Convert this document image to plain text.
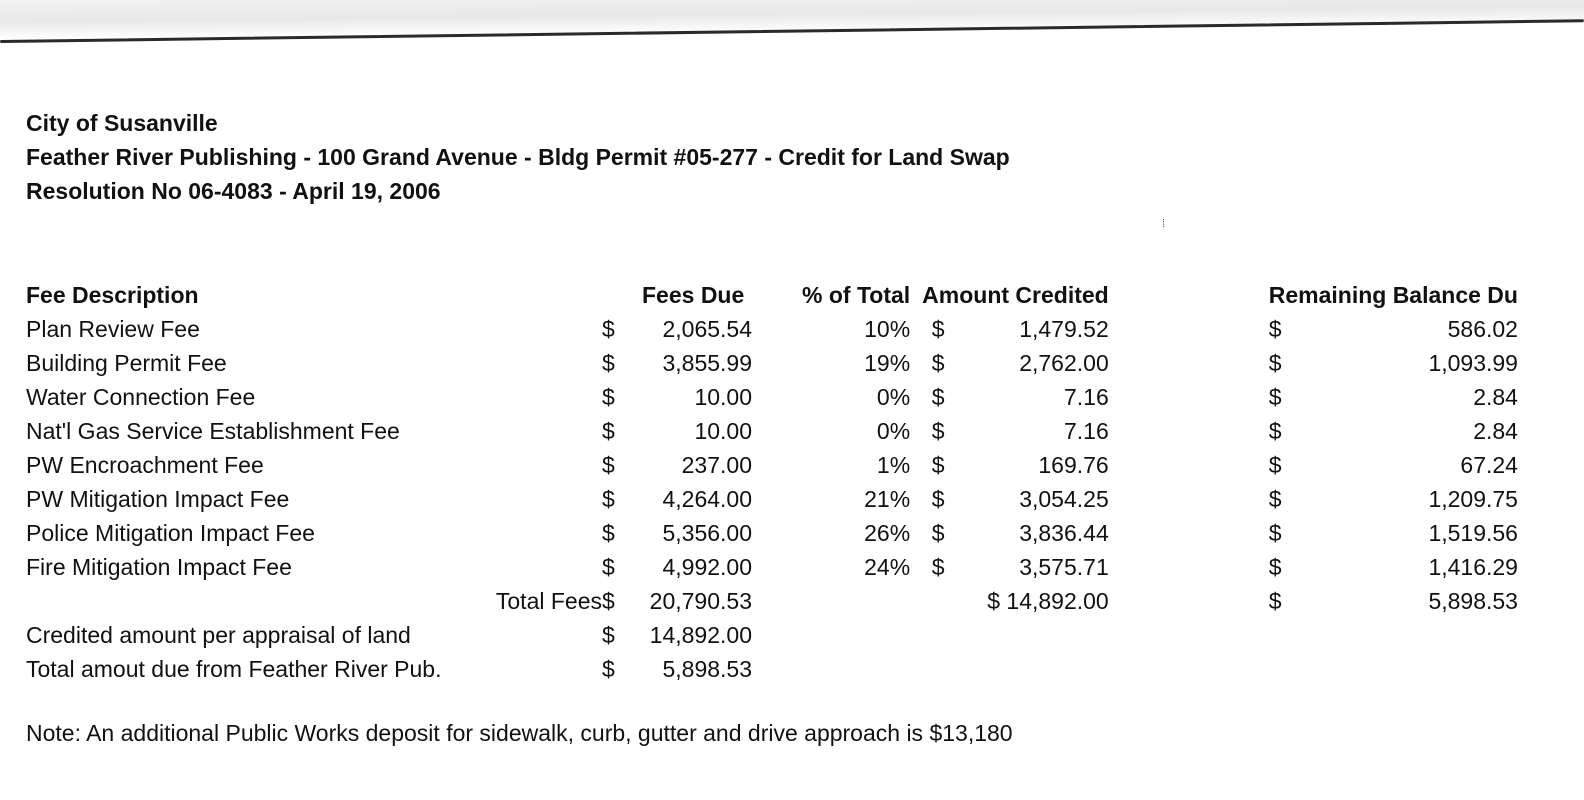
City of Susanville
Feather River Publishing - 100 Grand Avenue - Bldg Permit #05-277 - Credit for Land Swap
Resolution No 06-4083 - April 19, 2006
⁞
Fee Description		Fees Due		% of Total	Amount Credited			Remaining Balance Du	
Plan Review Fee	$	2,065.54		10%	$	1,479.52		$	586.02
Building Permit Fee	$	3,855.99		19%	$	2,762.00		$	1,093.99
Water Connection Fee	$	10.00		0%	$	7.16		$	2.84
Nat'l Gas Service Establishment Fee	$	10.00		0%	$	7.16		$	2.84
PW Encroachment Fee	$	237.00		1%	$	169.76		$	67.24
PW Mitigation Impact Fee	$	4,264.00		21%	$	3,054.25		$	1,209.75
Police Mitigation Impact Fee	$	5,356.00		26%	$	3,836.44		$	1,519.56
Fire Mitigation Impact Fee	$	4,992.00		24%	$	3,575.71		$	1,416.29
Total Fees	$	20,790.53			$ 14,892.00			$	5,898.53
Credited amount per appraisal of land	$	14,892.00							
Total amout due from Feather River Pub.	$	5,898.53							
Note: An additional Public Works deposit for sidewalk, curb, gutter and drive approach is $13,180
